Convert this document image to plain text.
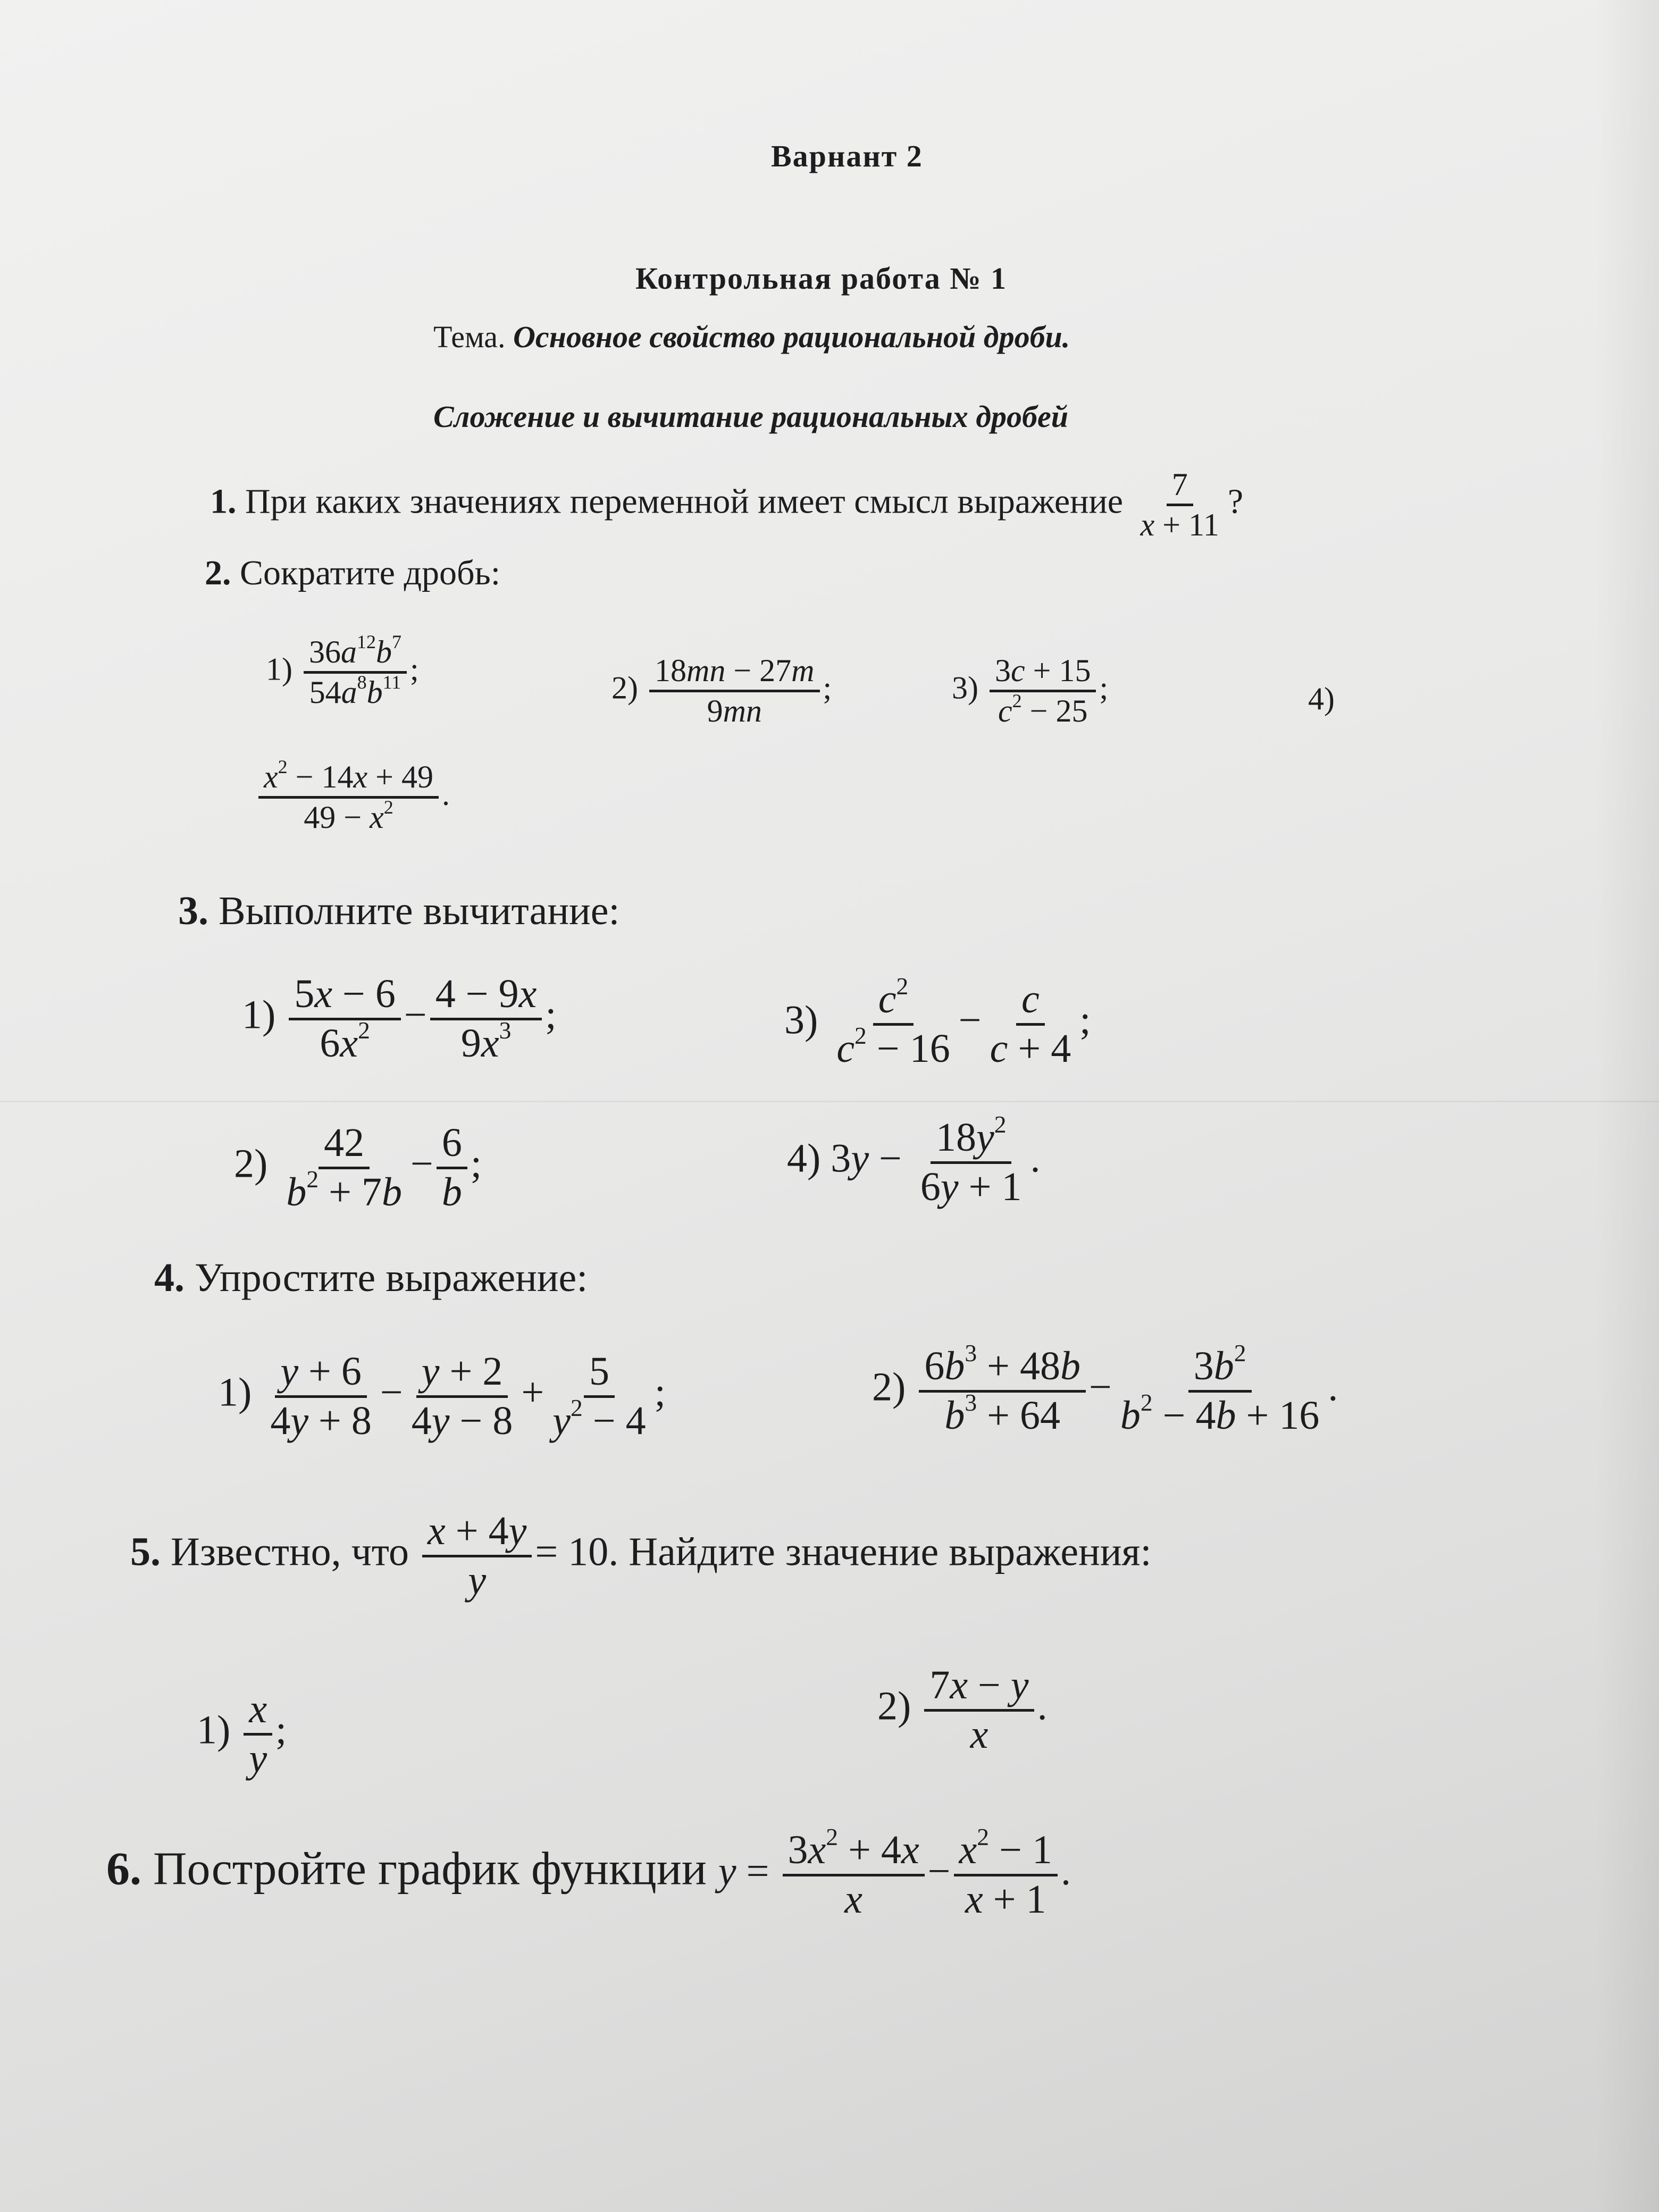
Варнант 2
Контрольная работа № 1
Тема. Основное свойство рациональной дроби.
Сложение и вычитание рациональных дробей
1. При каких значениях переменной имеет смысл выражение $\frac{7}{x + 11}$ ?
2. Сократите дробь:
$1) \frac{36a^{12}b^7}{54a^8b^{11}}$ ;
$2) \frac{18mn - 27m}{9mn}$ ;	$3) \frac{3c + 15}{c^2 - 25}$ ;	4)
$\frac{x^2 - 14x + 49}{49 - x^2}$ .
3. Выполните вычитание:
$1) \frac{5x - 6}{6x^2} - \frac{4 - 9x}{9x^3}$ ;	$3) \frac{c^2}{c^2 - 16} - \frac{c}{c + 4}$ ;
$2) \frac{42}{b^2 + 7b} - \frac{6}{b}$ ;	4) $3y - \frac{18y^2}{6y + 1}$ .
4. Упростите выражение:
$1) \frac{y + 6}{4y + 8} - \frac{y + 2}{4y - 8} + \frac{5}{y^2 - 4}$ ;	$2) \frac{6b^3 + 48b}{b^3 + 64} - \frac{3b^2}{b^2 - 4b + 16}$ .
5. Известно, что $\frac{x + 4y}{y} = 10$. Найдите значение выражения:
$1) \frac{x}{y}$ ;
$2) \frac{7x - y}{x}$ .
6. Постройте график функции $y = \frac{3x^2 + 4x}{x} - \frac{x^2 - 1}{x + 1}$ .
